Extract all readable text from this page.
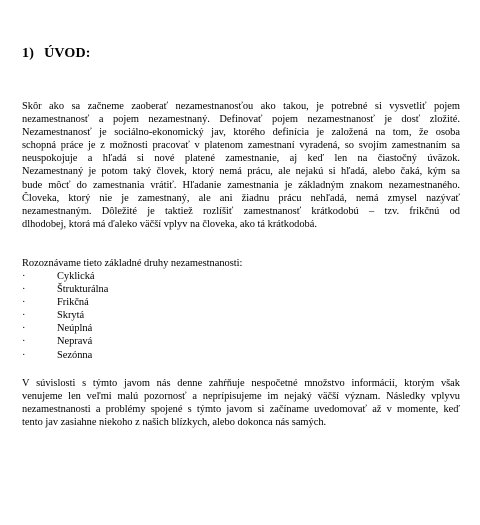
1) ÚVOD:
Skôr ako sa začneme zaoberať nezamestnanosťou ako takou, je potrebné si vysvetliť pojem
nezamestnanosť a pojem nezamestnaný. Definovať pojem nezamestnanosť je dosť zložité.
Nezamestnanosť je sociálno-ekonomický jav, ktorého definícia je založená na tom, že osoba
schopná práce je z možnosti pracovať v platenom zamestnaní vyradená, so svojím zamestnaním sa
neuspokojuje a hľadá si nové platené zamestnanie, aj keď len na čiastočný úväzok.
Nezamestnaný je potom taký človek, ktorý nemá prácu, ale nejakú si hľadá, alebo čaká, kým sa
bude môcť do zamestnania vrátiť. Hľadanie zamestnania je základným znakom nezamestnaného.
Človeka, ktorý nie je zamestnaný, ale ani žiadnu prácu nehľadá, nemá zmysel nazývať
nezamestnaným. Dôležité je taktiež rozlíšiť zamestnanosť krátkodobú – tzv. frikčnú od
dlhodobej, ktorá má ďaleko väčší vplyv na človeka, ako tá krátkodobá.
Rozoznávame tieto základné druhy nezamestnanosti:
·	Cyklická
·	Štrukturálna
·	Frikčná
·	Skrytá
·	Neúplná
·	Nepravá
·	Sezónna
V súvislosti s týmto javom nás denne zahŕňuje nespočetné množstvo informácií, ktorým však
venujeme len veľmi malú pozornosť a neprípisujeme im nejaký väčší význam. Následky vplyvu
nezamestnanosti a problémy spojené s týmto javom si začíname uvedomovať až v momente, keď
tento jav zasiahne niekoho z našich blízkych, alebo dokonca nás samých.
